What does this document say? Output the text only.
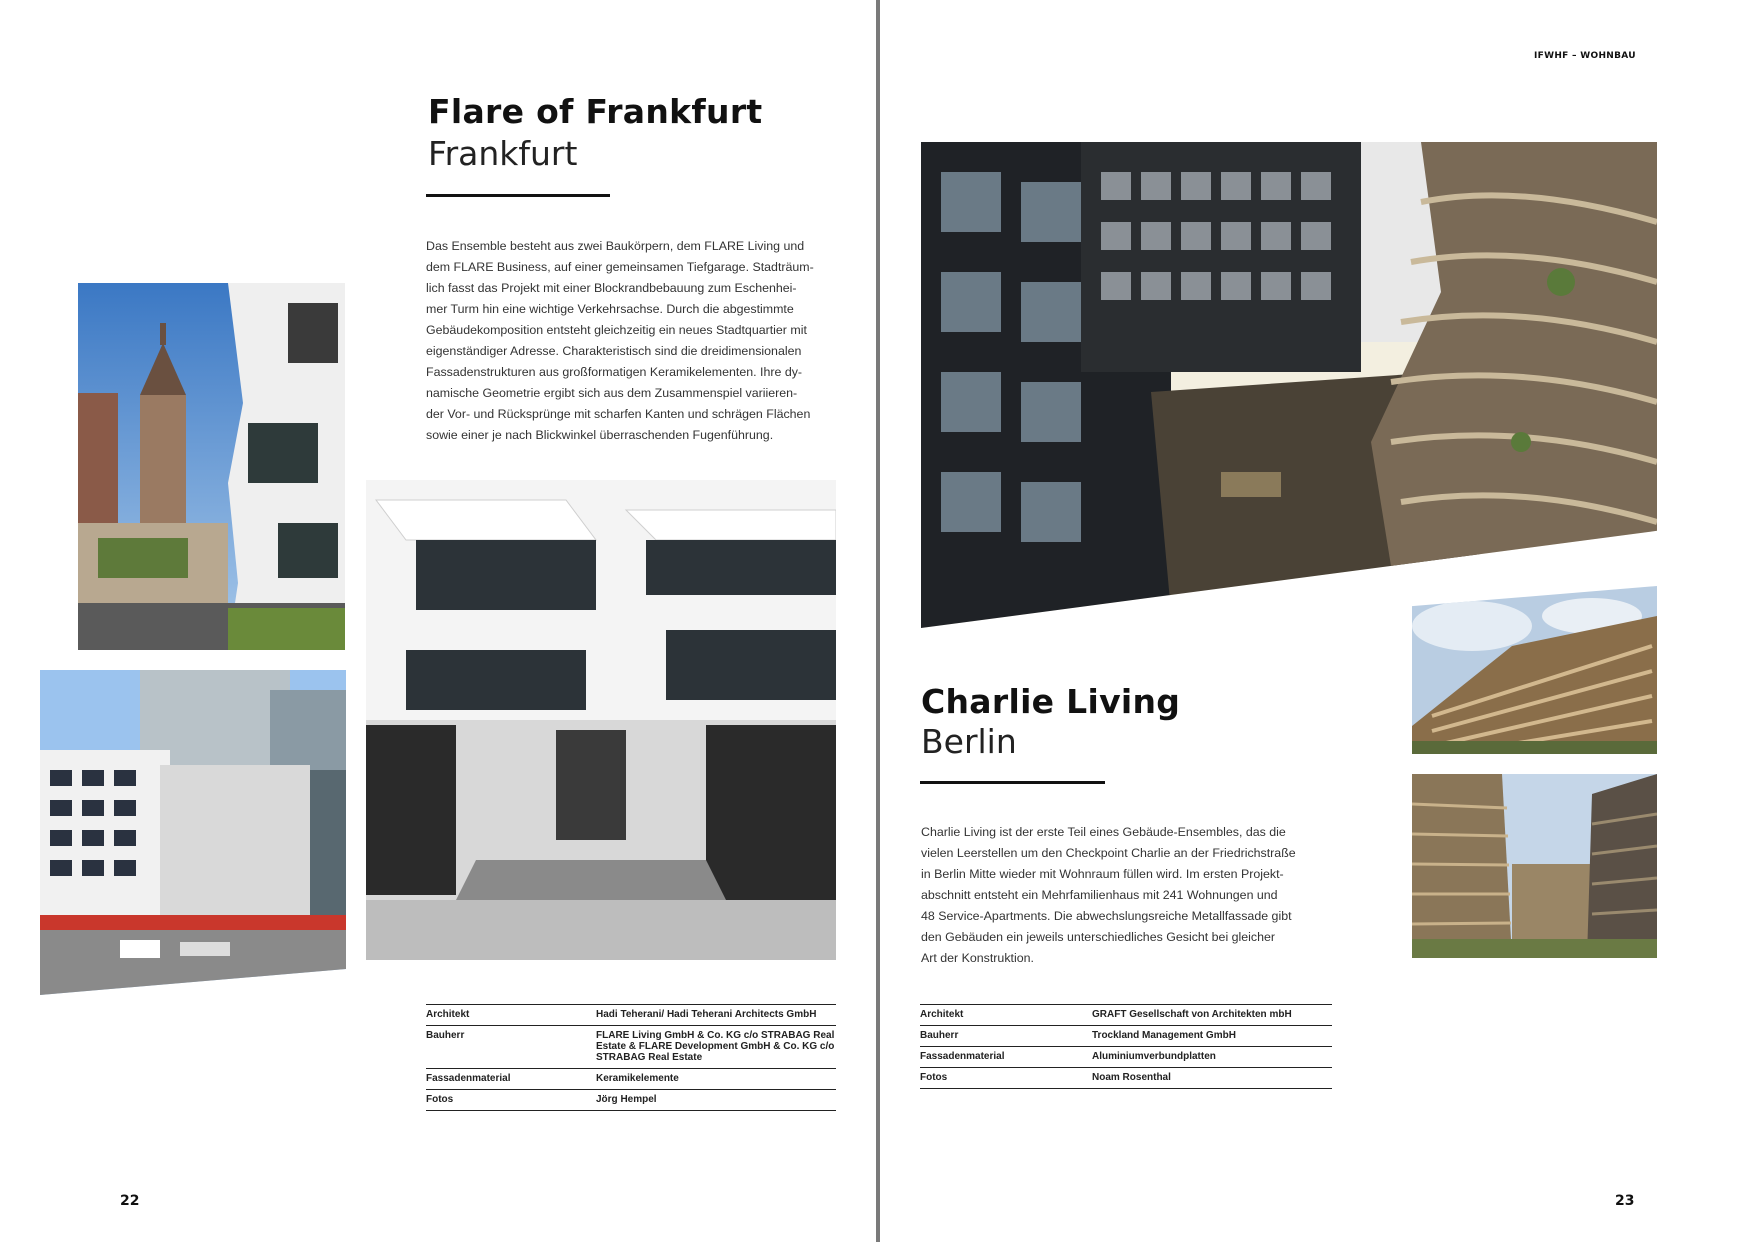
Flare of Frankfurt
Frankfurt
Das Ensemble besteht aus zwei Baukörpern, dem FLARE Living und
dem FLARE Business, auf einer gemeinsamen Tiefgarage. Stadträum-
lich fasst das Projekt mit einer Blockrandbebauung zum Eschenhei-
mer Turm hin eine wichtige Verkehrsachse. Durch die abgestimmte
Gebäudekomposition entsteht gleichzeitig ein neues Stadtquartier mit
eigenständiger Adresse. Charakteristisch sind die dreidimensionalen
Fassadenstrukturen aus großformatigen Keramikelementen. Ihre dy-
namische Geometrie ergibt sich aus dem Zusammenspiel variieren-
der Vor- und Rücksprünge mit scharfen Kanten und schrägen Flächen
sowie einer je nach Blickwinkel überraschenden Fugenführung.
Architekt	Hadi Teherani/ Hadi Teherani Architects GmbH
Bauherr	FLARE Living GmbH & Co. KG c/o STRABAG Real Estate & FLARE Development GmbH & Co. KG c/o STRABAG Real Estate
Fassadenmaterial	Keramikelemente
Fotos	Jörg Hempel
22
IFWHF – WOHNBAU
Charlie Living
Berlin
Charlie Living ist der erste Teil eines Gebäude-Ensembles, das die
vielen Leerstellen um den Checkpoint Charlie an der Friedrichstraße
in Berlin Mitte wieder mit Wohnraum füllen wird. Im ersten Projekt-
abschnitt entsteht ein Mehrfamilienhaus mit 241 Wohnungen und
48 Service-Apartments. Die abwechslungsreiche Metallfassade gibt
den Gebäuden ein jeweils unterschiedliches Gesicht bei gleicher
Art der Konstruktion.
Architekt	GRAFT Gesellschaft von Architekten mbH
Bauherr	Trockland Management GmbH
Fassadenmaterial	Aluminiumverbundplatten
Fotos	Noam Rosenthal
23
